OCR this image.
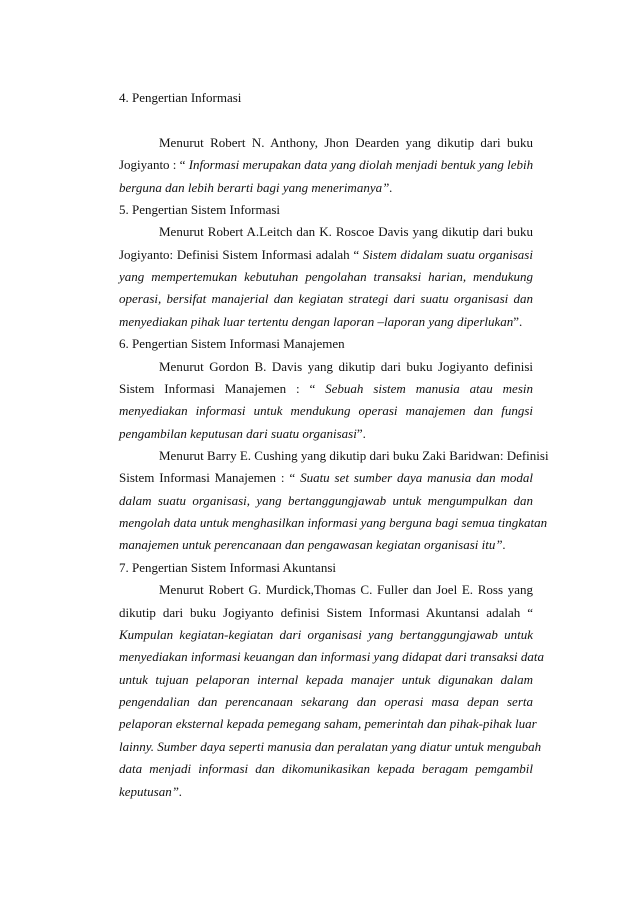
4. Pengertian Informasi
Menurut Robert N. Anthony, Jhon Dearden yang dikutip dari buku
Jogiyanto : “ Informasi merupakan data yang diolah menjadi bentuk yang lebih
berguna dan lebih berarti bagi yang menerimanya”.
5. Pengertian Sistem Informasi
Menurut Robert A.Leitch dan K. Roscoe Davis yang dikutip dari buku
Jogiyanto: Definisi Sistem Informasi adalah “ Sistem didalam suatu organisasi
yang mempertemukan kebutuhan pengolahan transaksi harian, mendukung
operasi, bersifat manajerial dan kegiatan strategi dari suatu organisasi dan
menyediakan pihak luar tertentu dengan laporan –laporan yang diperlukan”.
6. Pengertian Sistem Informasi Manajemen
Menurut Gordon B. Davis yang dikutip dari buku Jogiyanto definisi
Sistem Informasi Manajemen : “ Sebuah sistem manusia atau mesin
menyediakan informasi untuk mendukung operasi manajemen dan fungsi
pengambilan keputusan dari suatu organisasi”.
Menurut Barry E. Cushing yang dikutip dari buku Zaki Baridwan: Definisi
Sistem Informasi Manajemen : “ Suatu set sumber daya manusia dan modal
dalam suatu organisasi, yang bertanggungjawab untuk mengumpulkan dan
mengolah data untuk menghasilkan informasi yang berguna bagi semua tingkatan
manajemen untuk perencanaan dan pengawasan kegiatan organisasi itu”.
7. Pengertian Sistem Informasi Akuntansi
Menurut Robert G. Murdick,Thomas C. Fuller dan Joel E. Ross yang
dikutip dari buku Jogiyanto definisi Sistem Informasi Akuntansi adalah “
Kumpulan kegiatan-kegiatan dari organisasi yang bertanggungjawab untuk
menyediakan informasi keuangan dan informasi yang didapat dari transaksi data
untuk tujuan pelaporan internal kepada manajer untuk digunakan dalam
pengendalian dan perencanaan sekarang dan operasi masa depan serta
pelaporan eksternal kepada pemegang saham, pemerintah dan pihak-pihak luar
lainny. Sumber daya seperti manusia dan peralatan yang diatur untuk mengubah
data menjadi informasi dan dikomunikasikan kepada beragam pemgambil
keputusan”.
